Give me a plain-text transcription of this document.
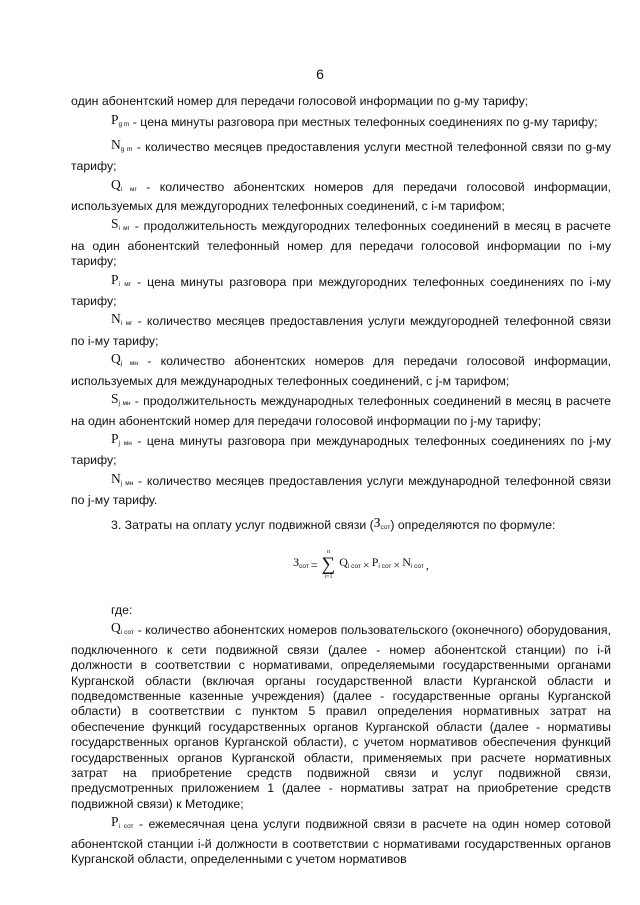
6

один абонентский номер для передачи голосовой информации по g-му тарифу;

$P_{g m}$ - цена минуты разговора при местных телефонных соединениях по g-му тарифу;

$N_{g m}$ - количество месяцев предоставления услуги местной телефонной связи по g-му тарифу;

$Q_{i мг}$ - количество абонентских номеров для передачи голосовой информации, используемых для междугородних телефонных соединений, с i-м тарифом;

$S_{i мг}$ - продолжительность междугородних телефонных соединений в месяц в расчете на один абонентский телефонный номер для передачи голосовой информации по i-му тарифу;

$P_{i мг}$ - цена минуты разговора при междугородних телефонных соединениях по i-му тарифу;

$N_{i мг}$ - количество месяцев предоставления услуги междугородней телефонной связи по i-му тарифу;

$Q_{j мн}$ - количество абонентских номеров для передачи голосовой информации, используемых для международных телефонных соединений, с j-м тарифом;

$S_{j мн}$ - продолжительность международных телефонных соединений в месяц в расчете на один абонентский номер для передачи голосовой информации по j-му тарифу;

$P_{j мн}$ - цена минуты разговора при международных телефонных соединениях по j-му тарифу;

$N_{j мн}$ - количество месяцев предоставления услуги международной телефонной связи по j-му тарифу.

3. Затраты на оплату услуг подвижной связи $(З_{сот})$ определяются по формуле:

$З_{сот}$ =
n
∑
i=1
$Q_{i сот} \times P_{i сот} \times N_{i сот}$ ,

где:

$Q_{i сот}$ - количество абонентских номеров пользовательского (оконечного) оборудования, подключенного к сети подвижной связи (далее - номер абонентской станции) по i-й должности в соответствии с нормативами, определяемыми государственными органами Курганской области (включая органы государственной власти Курганской области и подведомственные казенные учреждения) (далее - государственные органы Курганской области) в соответствии с пунктом 5 правил определения нормативных затрат на обеспечение функций государственных органов Курганской области (далее - нормативы государственных органов Курганской области), с учетом нормативов обеспечения функций государственных органов Курганской области, применяемых при расчете нормативных затрат на приобретение средств подвижной связи и услуг подвижной связи, предусмотренных приложением 1 (далее - нормативы затрат на приобретение средств подвижной связи) к Методике;

$P_{i сот}$ - ежемесячная цена услуги подвижной связи в расчете на один номер сотовой абонентской станции i-й должности в соответствии с нормативами государственных органов Курганской области, определенными с учетом нормативов
